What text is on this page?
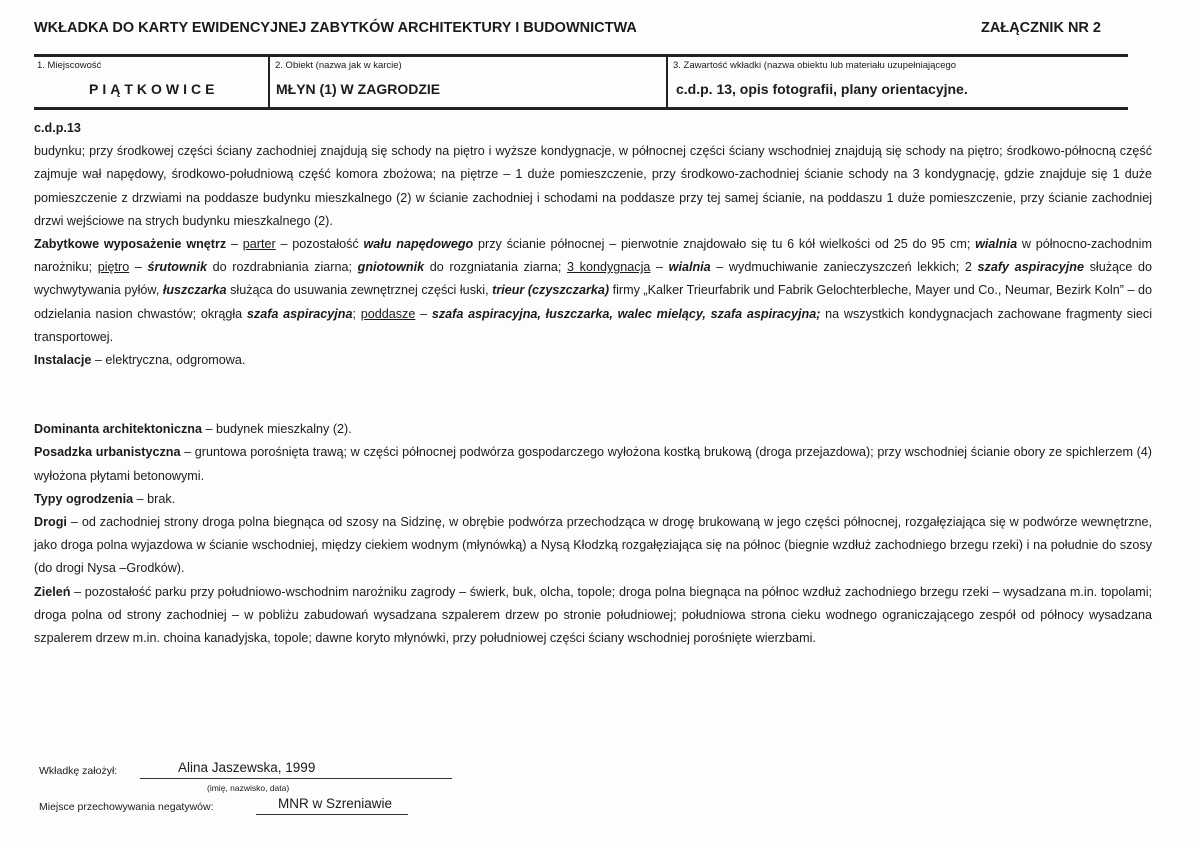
WKŁADKA DO KARTY EWIDENCYJNEJ ZABYTKÓW ARCHITEKTURY I BUDOWNICTWA	ZAŁĄCZNIK NR 2
1. Miejscowość
PIĄTKOWICE
2. Obiekt (nazwa jak w karcie)
MŁYN (1) W ZAGRODZIE
3. Zawartość wkładki (nazwa obiektu lub materiału uzupełniającego
c.d.p. 13, opis fotografii, plany orientacyjne.

c.d.p.13

budynku; przy środkowej części ściany zachodniej znajdują się schody na piętro i wyższe kondygnacje, w północnej części ściany wschodniej znajdują się schody na piętro; środkowo-północną część zajmuje wał napędowy, środkowo-południową część komora zbożowa; na piętrze – 1 duże pomieszczenie, przy środkowo-zachodniej ścianie schody na 3 kondygnację, gdzie znajduje się 1 duże pomieszczenie z drzwiami na poddasze budynku mieszkalnego (2) w ścianie zachodniej i schodami na poddasze przy tej samej ścianie, na poddaszu 1 duże pomieszczenie, przy ścianie zachodniej drzwi wejściowe na strych budynku mieszkalnego (2).

Zabytkowe wyposażenie wnętrz – parter – pozostałość wału napędowego przy ścianie północnej – pierwotnie znajdowało się tu 6 kół wielkości od 25 do 95 cm; wialnia w północno-zachodnim narożniku; piętro – śrutownik do rozdrabniania ziarna; gniotownik do rozgniatania ziarna; 3 kondygnacja – wialnia – wydmuchiwanie zanieczyszczeń lekkich; 2 szafy aspiracyjne służące do wychwytywania pyłów, łuszczarka służąca do usuwania zewnętrznej części łuski, trieur (czyszczarka) firmy „Kalker Trieurfabrik und Fabrik Gelochterbleche, Mayer und Co., Neumar, Bezirk Koln” – do odzielania nasion chwastów; okrągła szafa aspiracyjna; poddasze – szafa aspiracyjna, łuszczarka, walec mielący, szafa aspiracyjna; na wszystkich kondygnacjach zachowane fragmenty sieci transportowej.

Instalacje – elektryczna, odgromowa.

Dominanta architektoniczna – budynek mieszkalny (2).

Posadzka urbanistyczna – gruntowa porośnięta trawą; w części północnej podwórza gospodarczego wyłożona kostką brukową (droga przejazdowa); przy wschodniej ścianie obory ze spichlerzem (4) wyłożona płytami betonowymi.

Typy ogrodzenia – brak.

Drogi – od zachodniej strony droga polna biegnąca od szosy na Sidzinę, w obrębie podwórza przechodząca w drogę brukowaną w jego części północnej, rozgałęziająca się w podwórze wewnętrzne, jako droga polna wyjazdowa w ścianie wschodniej, między ciekiem wodnym (młynówką) a Nysą Kłodzką rozgałęziająca się na północ (biegnie wzdłuż zachodniego brzegu rzeki) i na południe do szosy (do drogi Nysa –Grodków).

Zieleń – pozostałość parku przy południowo-wschodnim narożniku zagrody – świerk, buk, olcha, topole; droga polna biegnąca na północ wzdłuż zachodniego brzegu rzeki – wysadzana m.in. topolami; droga polna od strony zachodniej – w pobliżu zabudowań wysadzana szpalerem drzew po stronie południowej; południowa strona cieku wodnego ograniczającego zespół od północy wysadzana szpalerem drzew m.in. choina kanadyjska, topole; dawne koryto młynówki, przy południowej części ściany wschodniej porośnięte wierzbami.

Wkładkę założył:	Alina Jaszewska, 1999
(imię, nazwisko, data)
Miejsce przechowywania negatywów:	MNR w Szreniawie
